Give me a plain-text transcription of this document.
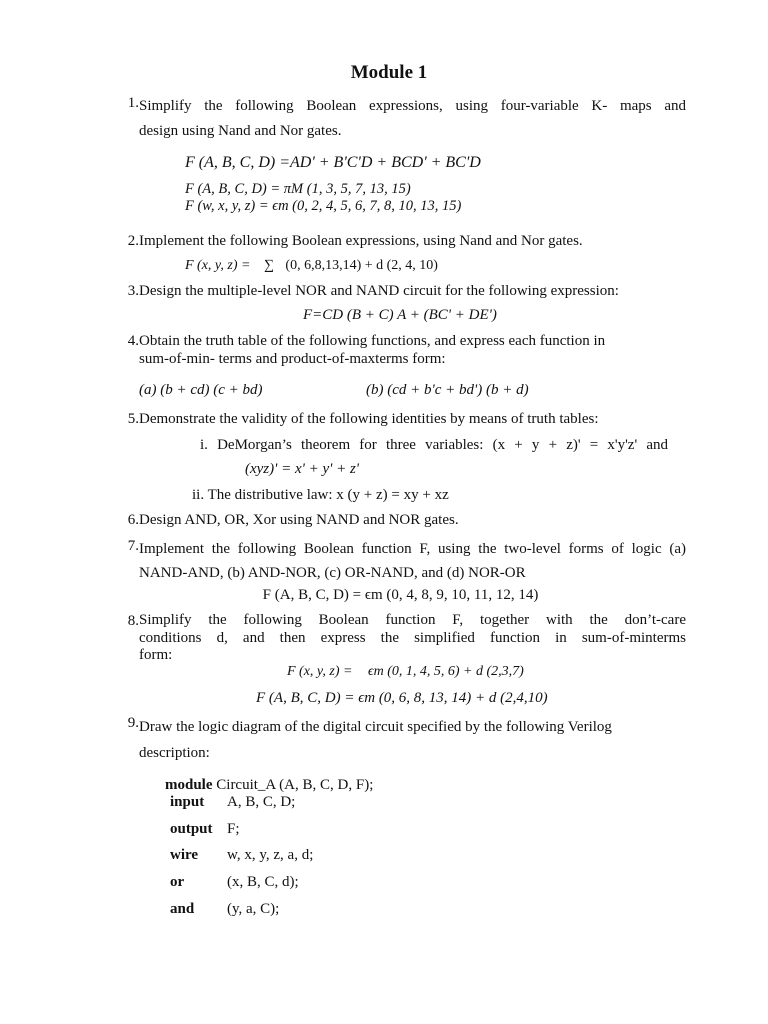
Module 1
1. Simplify the following Boolean expressions, using four-variable K- maps and
design using Nand and Nor gates.
F (A, B, C, D) =AD' + B'C'D + BCD' + BC'D
F (A, B, C, D) = πM (1, 3, 5, 7, 13, 15)
F (w, x, y, z) = ϵm (0, 2, 4, 5, 6, 7, 8, 10, 13, 15)
2. Implement the following Boolean expressions, using Nand and Nor gates.
F (x, y, z) = ∑ (0, 6,8,13,14) + d (2, 4, 10)
3. Design the multiple-level NOR and NAND circuit for the following expression:
F=CD (B + C) A + (BC' + DE')
4. Obtain the truth table of the following functions, and express each function in
sum-of-min- terms and product-of-maxterms form:
(a) (b + cd) (c + bd)	(b) (cd + b'c + bd') (b + d)
5. Demonstrate the validity of the following identities by means of truth tables:
i. DeMorgan’s theorem for three variables: (x + y + z)' = x'y'z' and
(xyz)' = x' + y' + z'
ii. The distributive law: x (y + z) = xy + xz
6. Design AND, OR, Xor using NAND and NOR gates.
7. Implement the following Boolean function F, using the two-level forms of logic (a)
NAND-AND, (b) AND-NOR, (c) OR-NAND, and (d) NOR-OR
F (A, B, C, D) = ϵm (0, 4, 8, 9, 10, 11, 12, 14)
8. Simplify the following Boolean function F, together with the don’t-care
conditions d, and then express the simplified function in sum-of-minterms
form:
F (x, y, z) = ϵm (0, 1, 4, 5, 6) + d (2,3,7)
F (A, B, C, D) = ϵm (0, 6, 8, 13, 14) + d (2,4,10)
9. Draw the logic diagram of the digital circuit specified by the following Verilog
description:
module Circuit_A (A, B, C, D, F);
input A, B, C, D;
output F;
wire w, x, y, z, a, d;
or	(x, B, C, d);
and (y, a, C);
